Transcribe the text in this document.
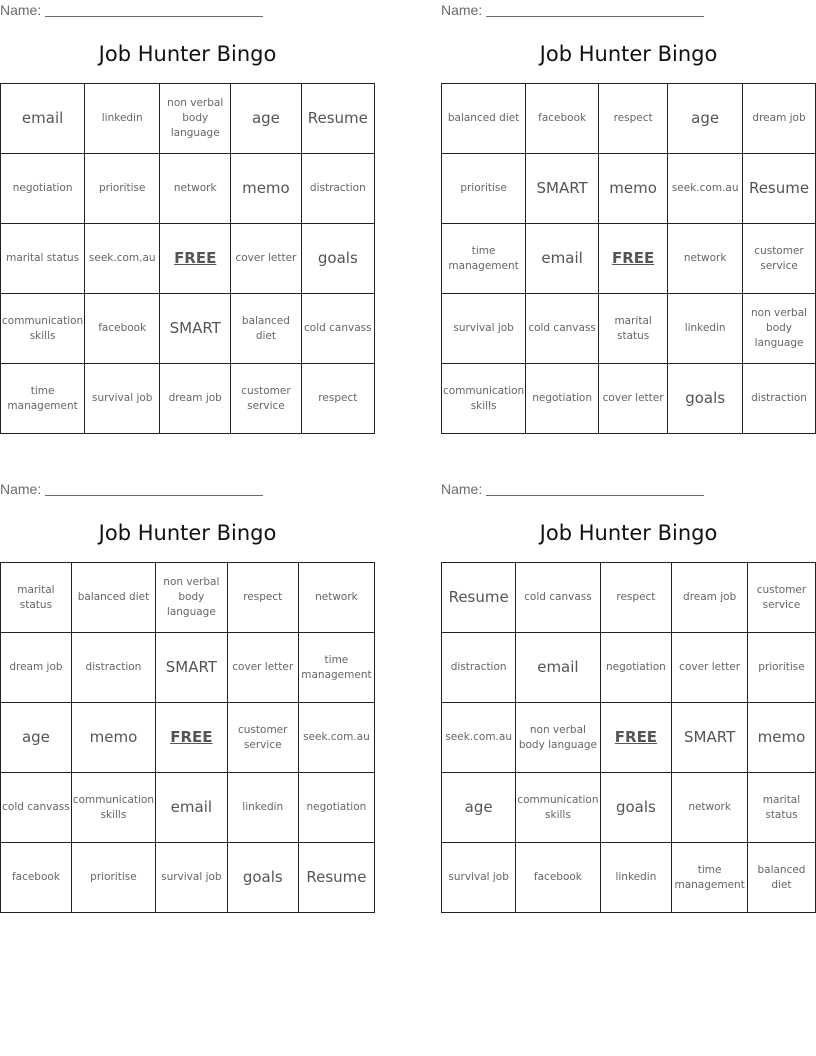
Name:
Job Hunter Bingo
email	linkedin	non verbal body language	age	Resume
negotiation	prioritise	network	memo	distraction
marital status	seek.com.au	FREE	cover letter	goals
communication skills	facebook	SMART	balanced diet	cold canvass
time management	survival job	dream job	customer service	respect
Name:
Job Hunter Bingo
balanced diet	facebook	respect	age	dream job
prioritise	SMART	memo	seek.com.au	Resume
time management	email	FREE	network	customer service
survival job	cold canvass	marital status	linkedin	non verbal body language
communication skills	negotiation	cover letter	goals	distraction
Name:
Job Hunter Bingo
marital status	balanced diet	non verbal body language	respect	network
dream job	distraction	SMART	cover letter	time management
age	memo	FREE	customer service	seek.com.au
cold canvass	communication skills	email	linkedin	negotiation
facebook	prioritise	survival job	goals	Resume
Name:
Job Hunter Bingo
Resume	cold canvass	respect	dream job	customer service
distraction	email	negotiation	cover letter	prioritise
seek.com.au	non verbal body language	FREE	SMART	memo
age	communication skills	goals	network	marital status
survival job	facebook	linkedin	time management	balanced diet
